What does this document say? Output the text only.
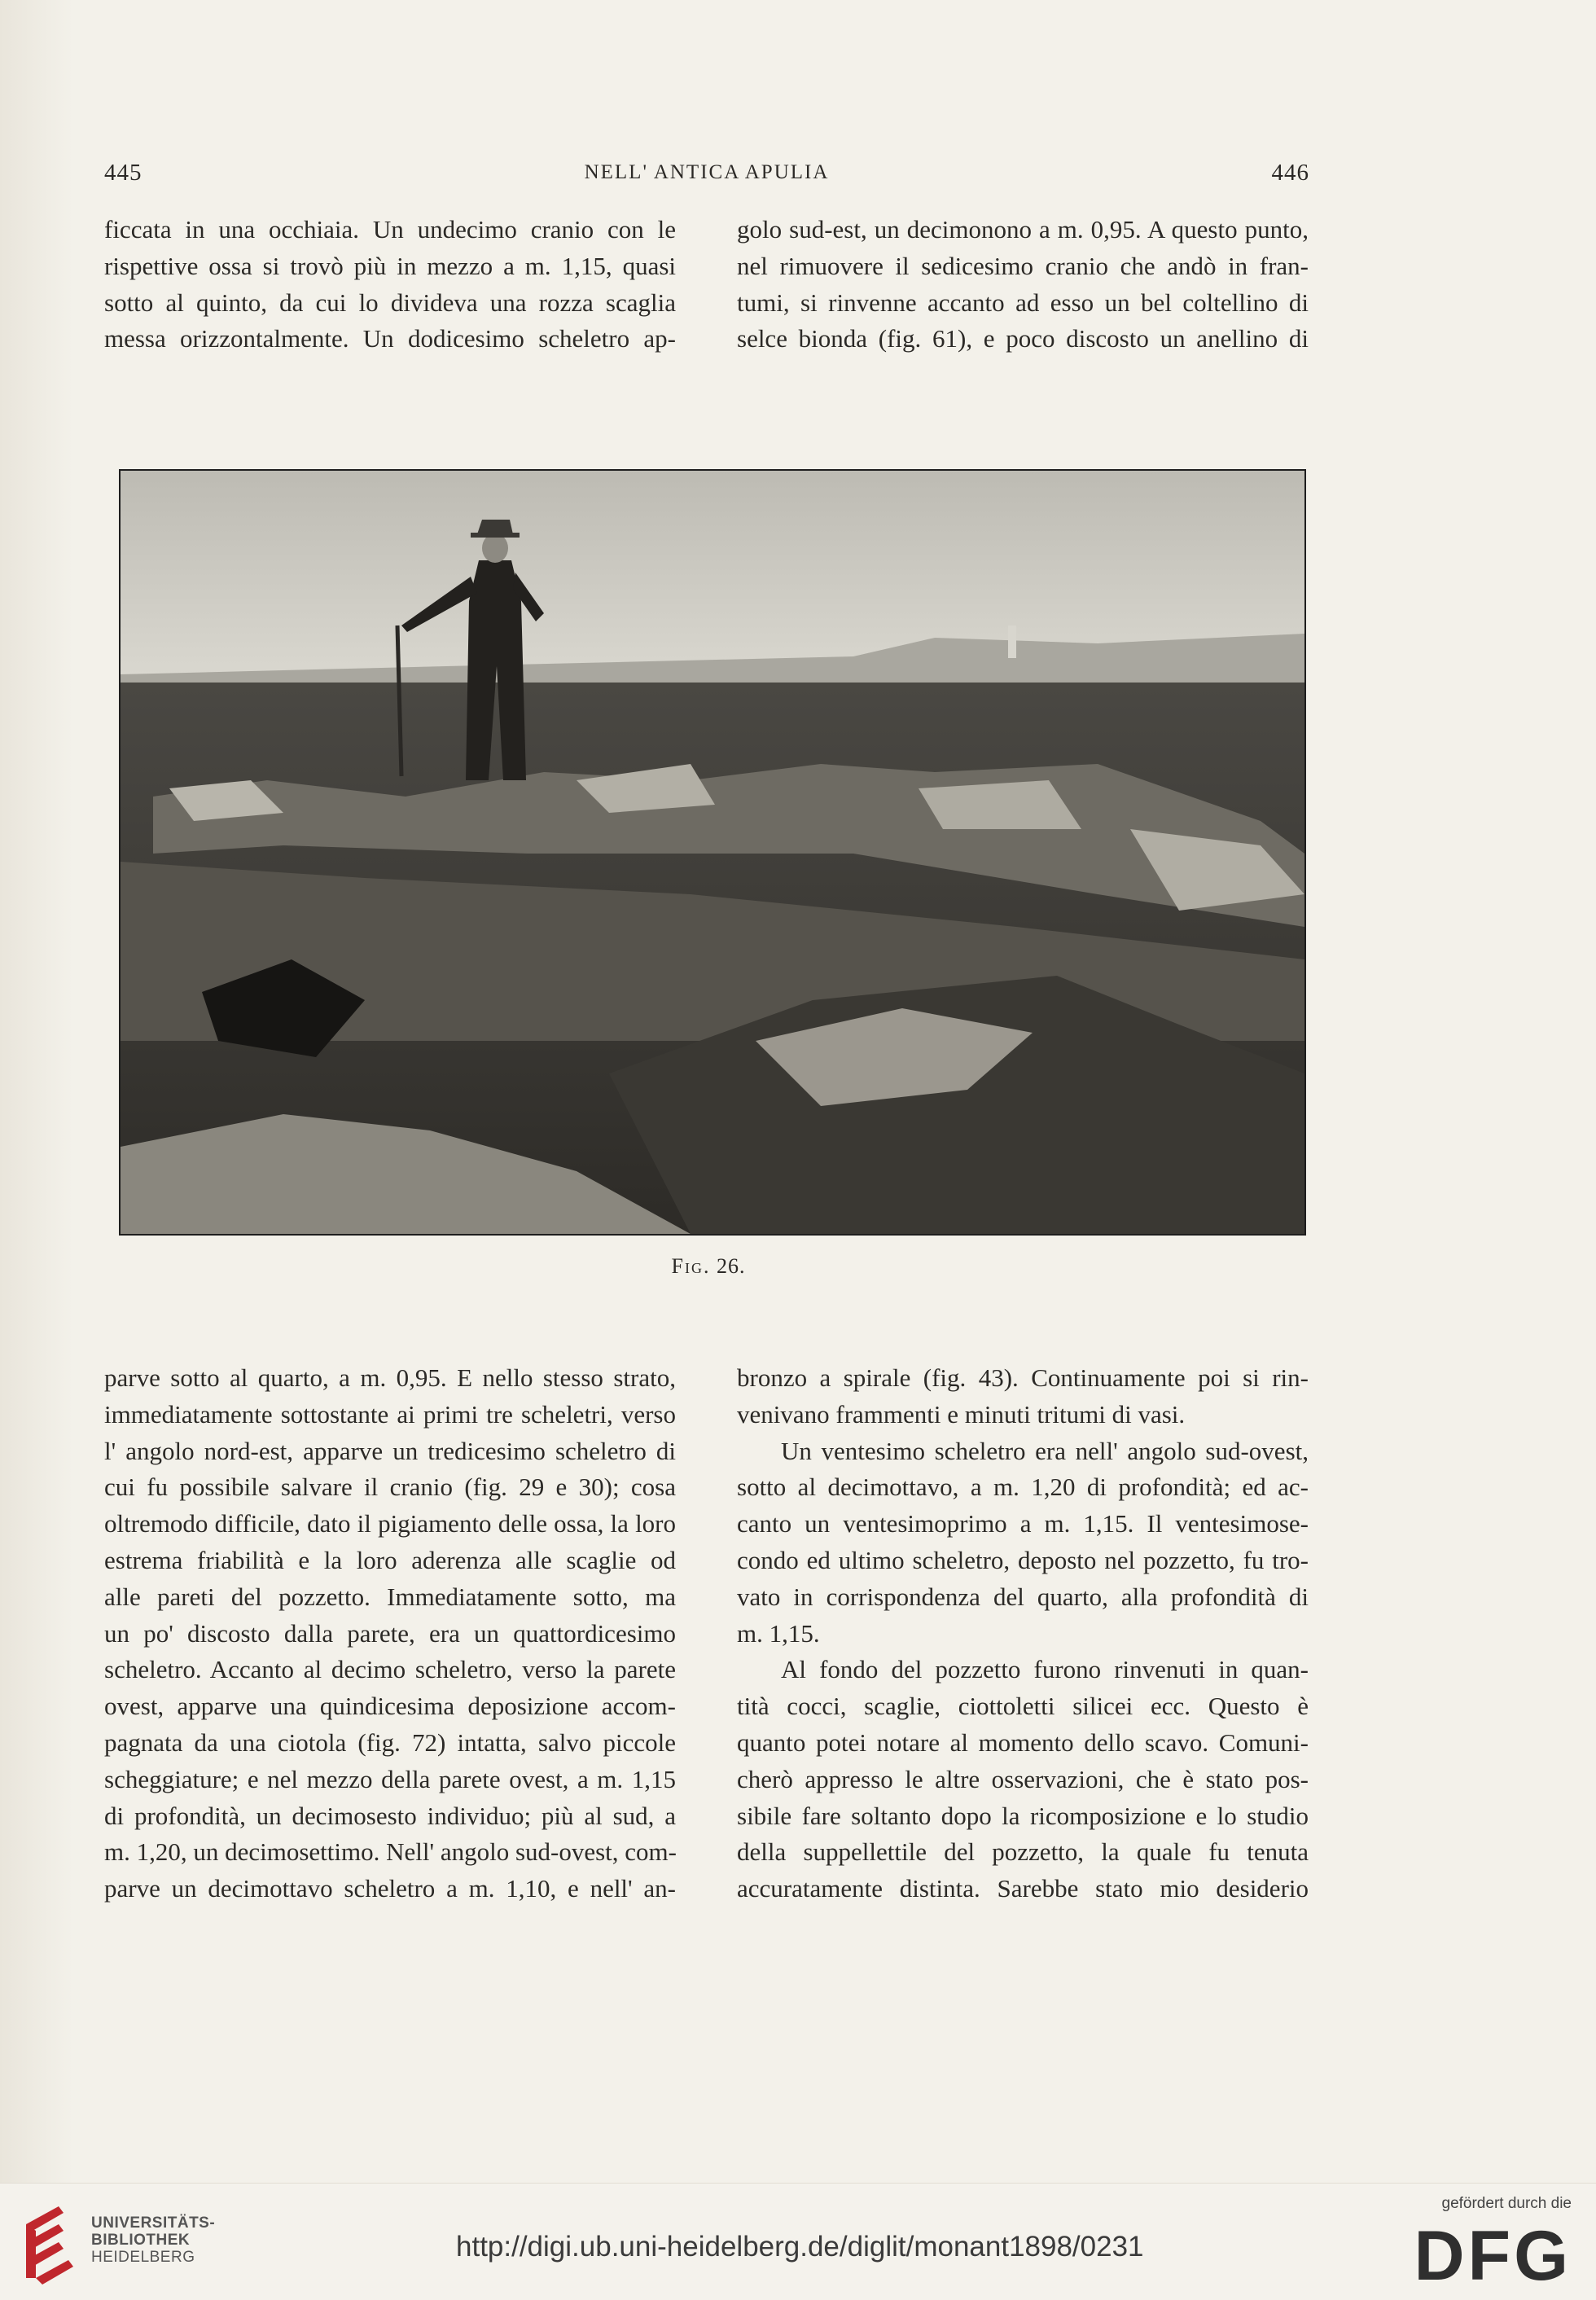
445	NELL' ANTICA APULIA	446
ficcata in una occhiaia. Un undecimo cranio con le
rispettive ossa si trovò più in mezzo a m. 1,15, quasi
sotto al quinto, da cui lo divideva una rozza scaglia
messa orizzontalmente. Un dodicesimo scheletro ap-
golo sud-est, un decimonono a m. 0,95. A questo punto,
nel rimuovere il sedicesimo cranio che andò in fran-
tumi, si rinvenne accanto ad esso un bel coltellino di
selce bionda (fig. 61), e poco discosto un anellino di
Fig. 26.
parve sotto al quarto, a m. 0,95. E nello stesso strato,
immediatamente sottostante ai primi tre scheletri, verso
l' angolo nord-est, apparve un tredicesimo scheletro di
cui fu possibile salvare il cranio (fig. 29 e 30); cosa
oltremodo difficile, dato il pigiamento delle ossa, la loro
estrema friabilità e la loro aderenza alle scaglie od
alle pareti del pozzetto. Immediatamente sotto, ma
un po' discosto dalla parete, era un quattordicesimo
scheletro. Accanto al decimo scheletro, verso la parete
ovest, apparve una quindicesima deposizione accom-
pagnata da una ciotola (fig. 72) intatta, salvo piccole
scheggiature; e nel mezzo della parete ovest, a m. 1,15
di profondità, un decimosesto individuo; più al sud, a
m. 1,20, un decimosettimo. Nell' angolo sud-ovest, com-
parve un decimottavo scheletro a m. 1,10, e nell' an-
bronzo a spirale (fig. 43). Continuamente poi si rin-
venivano frammenti e minuti tritumi di vasi.
Un ventesimo scheletro era nell' angolo sud-ovest,
sotto al decimottavo, a m. 1,20 di profondità; ed ac-
canto un ventesimoprimo a m. 1,15. Il ventesimose-
condo ed ultimo scheletro, deposto nel pozzetto, fu tro-
vato in corrispondenza del quarto, alla profondità di
m. 1,15.
Al fondo del pozzetto furono rinvenuti in quan-
tità cocci, scaglie, ciottoletti silicei ecc. Questo è
quanto potei notare al momento dello scavo. Comuni-
cherò appresso le altre osservazioni, che è stato pos-
sibile fare soltanto dopo la ricomposizione e lo studio
della suppellettile del pozzetto, la quale fu tenuta
accuratamente distinta. Sarebbe stato mio desiderio
UNIVERSITÄTS-
BIBLIOTHEK
HEIDELBERG	http://digi.ub.uni-heidelberg.de/diglit/monant1898/0231
gefördert durch die
DFG
